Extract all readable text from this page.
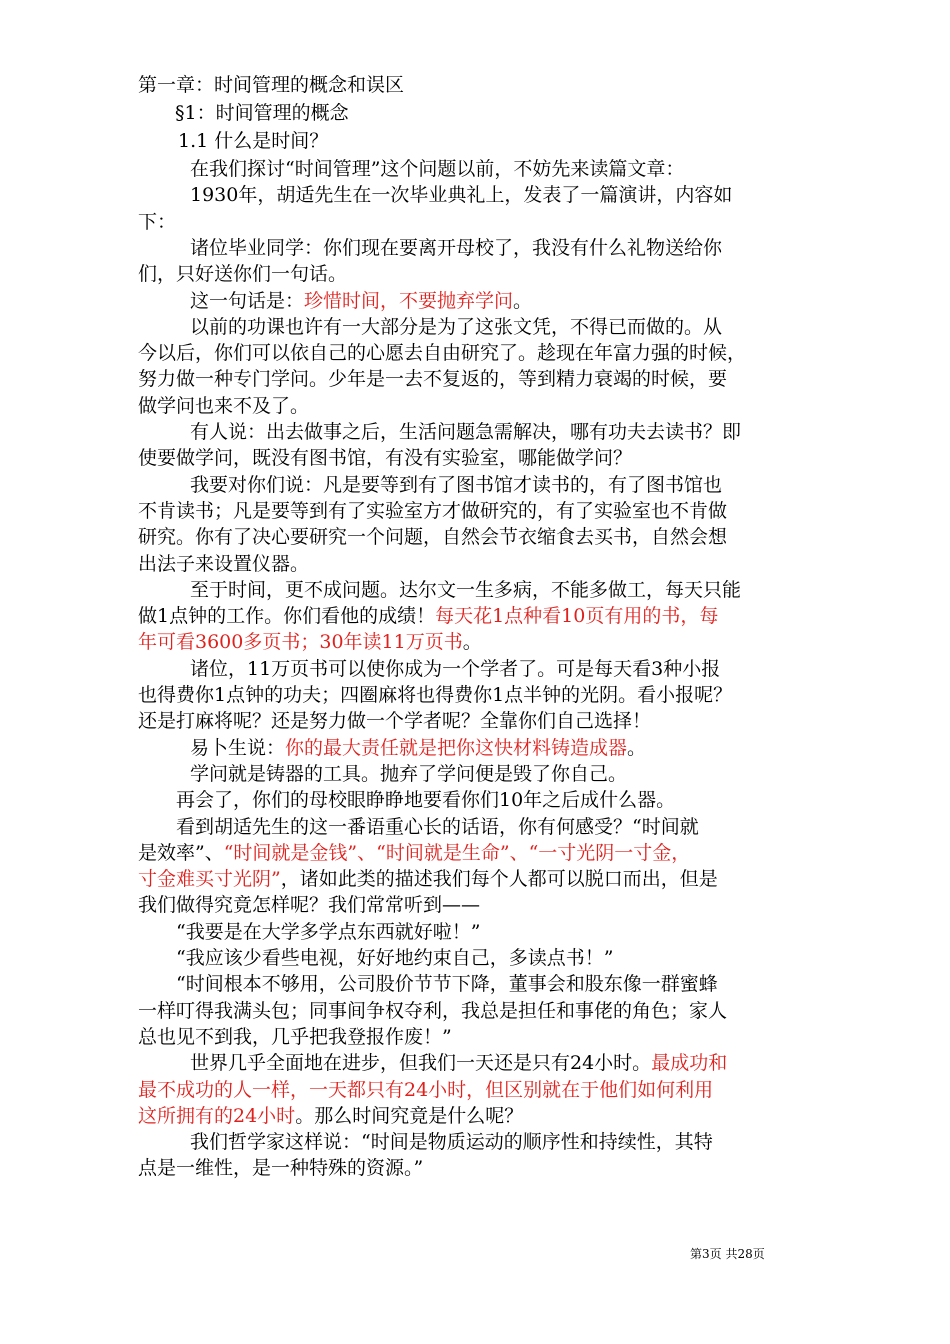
第一章：时间管理的概念和误区
§1：时间管理的概念
1.1 什么是时间？
在我们探讨“时间管理”这个问题以前，不妨先来读篇文章：
1930年，胡适先生在一次毕业典礼上，发表了一篇演讲，内容如
下：
诸位毕业同学：你们现在要离开母校了，我没有什么礼物送给你
们，只好送你们一句话。
这一句话是：珍惜时间，不要抛弃学问。
以前的功课也许有一大部分是为了这张文凭，不得已而做的。从
今以后，你们可以依自己的心愿去自由研究了。趁现在年富力强的时候，
努力做一种专门学问。少年是一去不复返的，等到精力衰竭的时候，要
做学问也来不及了。
有人说：出去做事之后，生活问题急需解决，哪有功夫去读书？即
使要做学问，既没有图书馆，有没有实验室，哪能做学问？
我要对你们说：凡是要等到有了图书馆才读书的，有了图书馆也
不肯读书；凡是要等到有了实验室方才做研究的，有了实验室也不肯做
研究。你有了决心要研究一个问题，自然会节衣缩食去买书，自然会想
出法子来设置仪器。
至于时间，更不成问题。达尔文一生多病，不能多做工，每天只能
做1点钟的工作。你们看他的成绩！每天花1点种看10页有用的书，每
年可看3600多页书；30年读11万页书。
诸位，11万页书可以使你成为一个学者了。可是每天看3种小报
也得费你1点钟的功夫；四圈麻将也得费你1点半钟的光阴。看小报呢？
还是打麻将呢？还是努力做一个学者呢？全靠你们自己选择！
易卜生说：你的最大责任就是把你这快材料铸造成器。
学问就是铸器的工具。抛弃了学问便是毁了你自己。
再会了，你们的母校眼睁睁地要看你们10年之后成什么器。
看到胡适先生的这一番语重心长的话语，你有何感受？“时间就
是效率”、“时间就是金钱”、“时间就是生命”、“一寸光阴一寸金，
寸金难买寸光阴”，诸如此类的描述我们每个人都可以脱口而出，但是
我们做得究竟怎样呢？我们常常听到——
“我要是在大学多学点东西就好啦！”
“我应该少看些电视，好好地约束自己，多读点书！”
“时间根本不够用，公司股价节节下降，董事会和股东像一群蜜蜂
一样叮得我满头包；同事间争权夺利，我总是担任和事佬的角色；家人
总也见不到我，几乎把我登报作废！”
世界几乎全面地在进步，但我们一天还是只有24小时。最成功和
最不成功的人一样，一天都只有24小时，但区别就在于他们如何利用
这所拥有的24小时。那么时间究竟是什么呢？
我们哲学家这样说：“时间是物质运动的顺序性和持续性，其特
点是一维性，是一种特殊的资源。”
第3页 共28页
